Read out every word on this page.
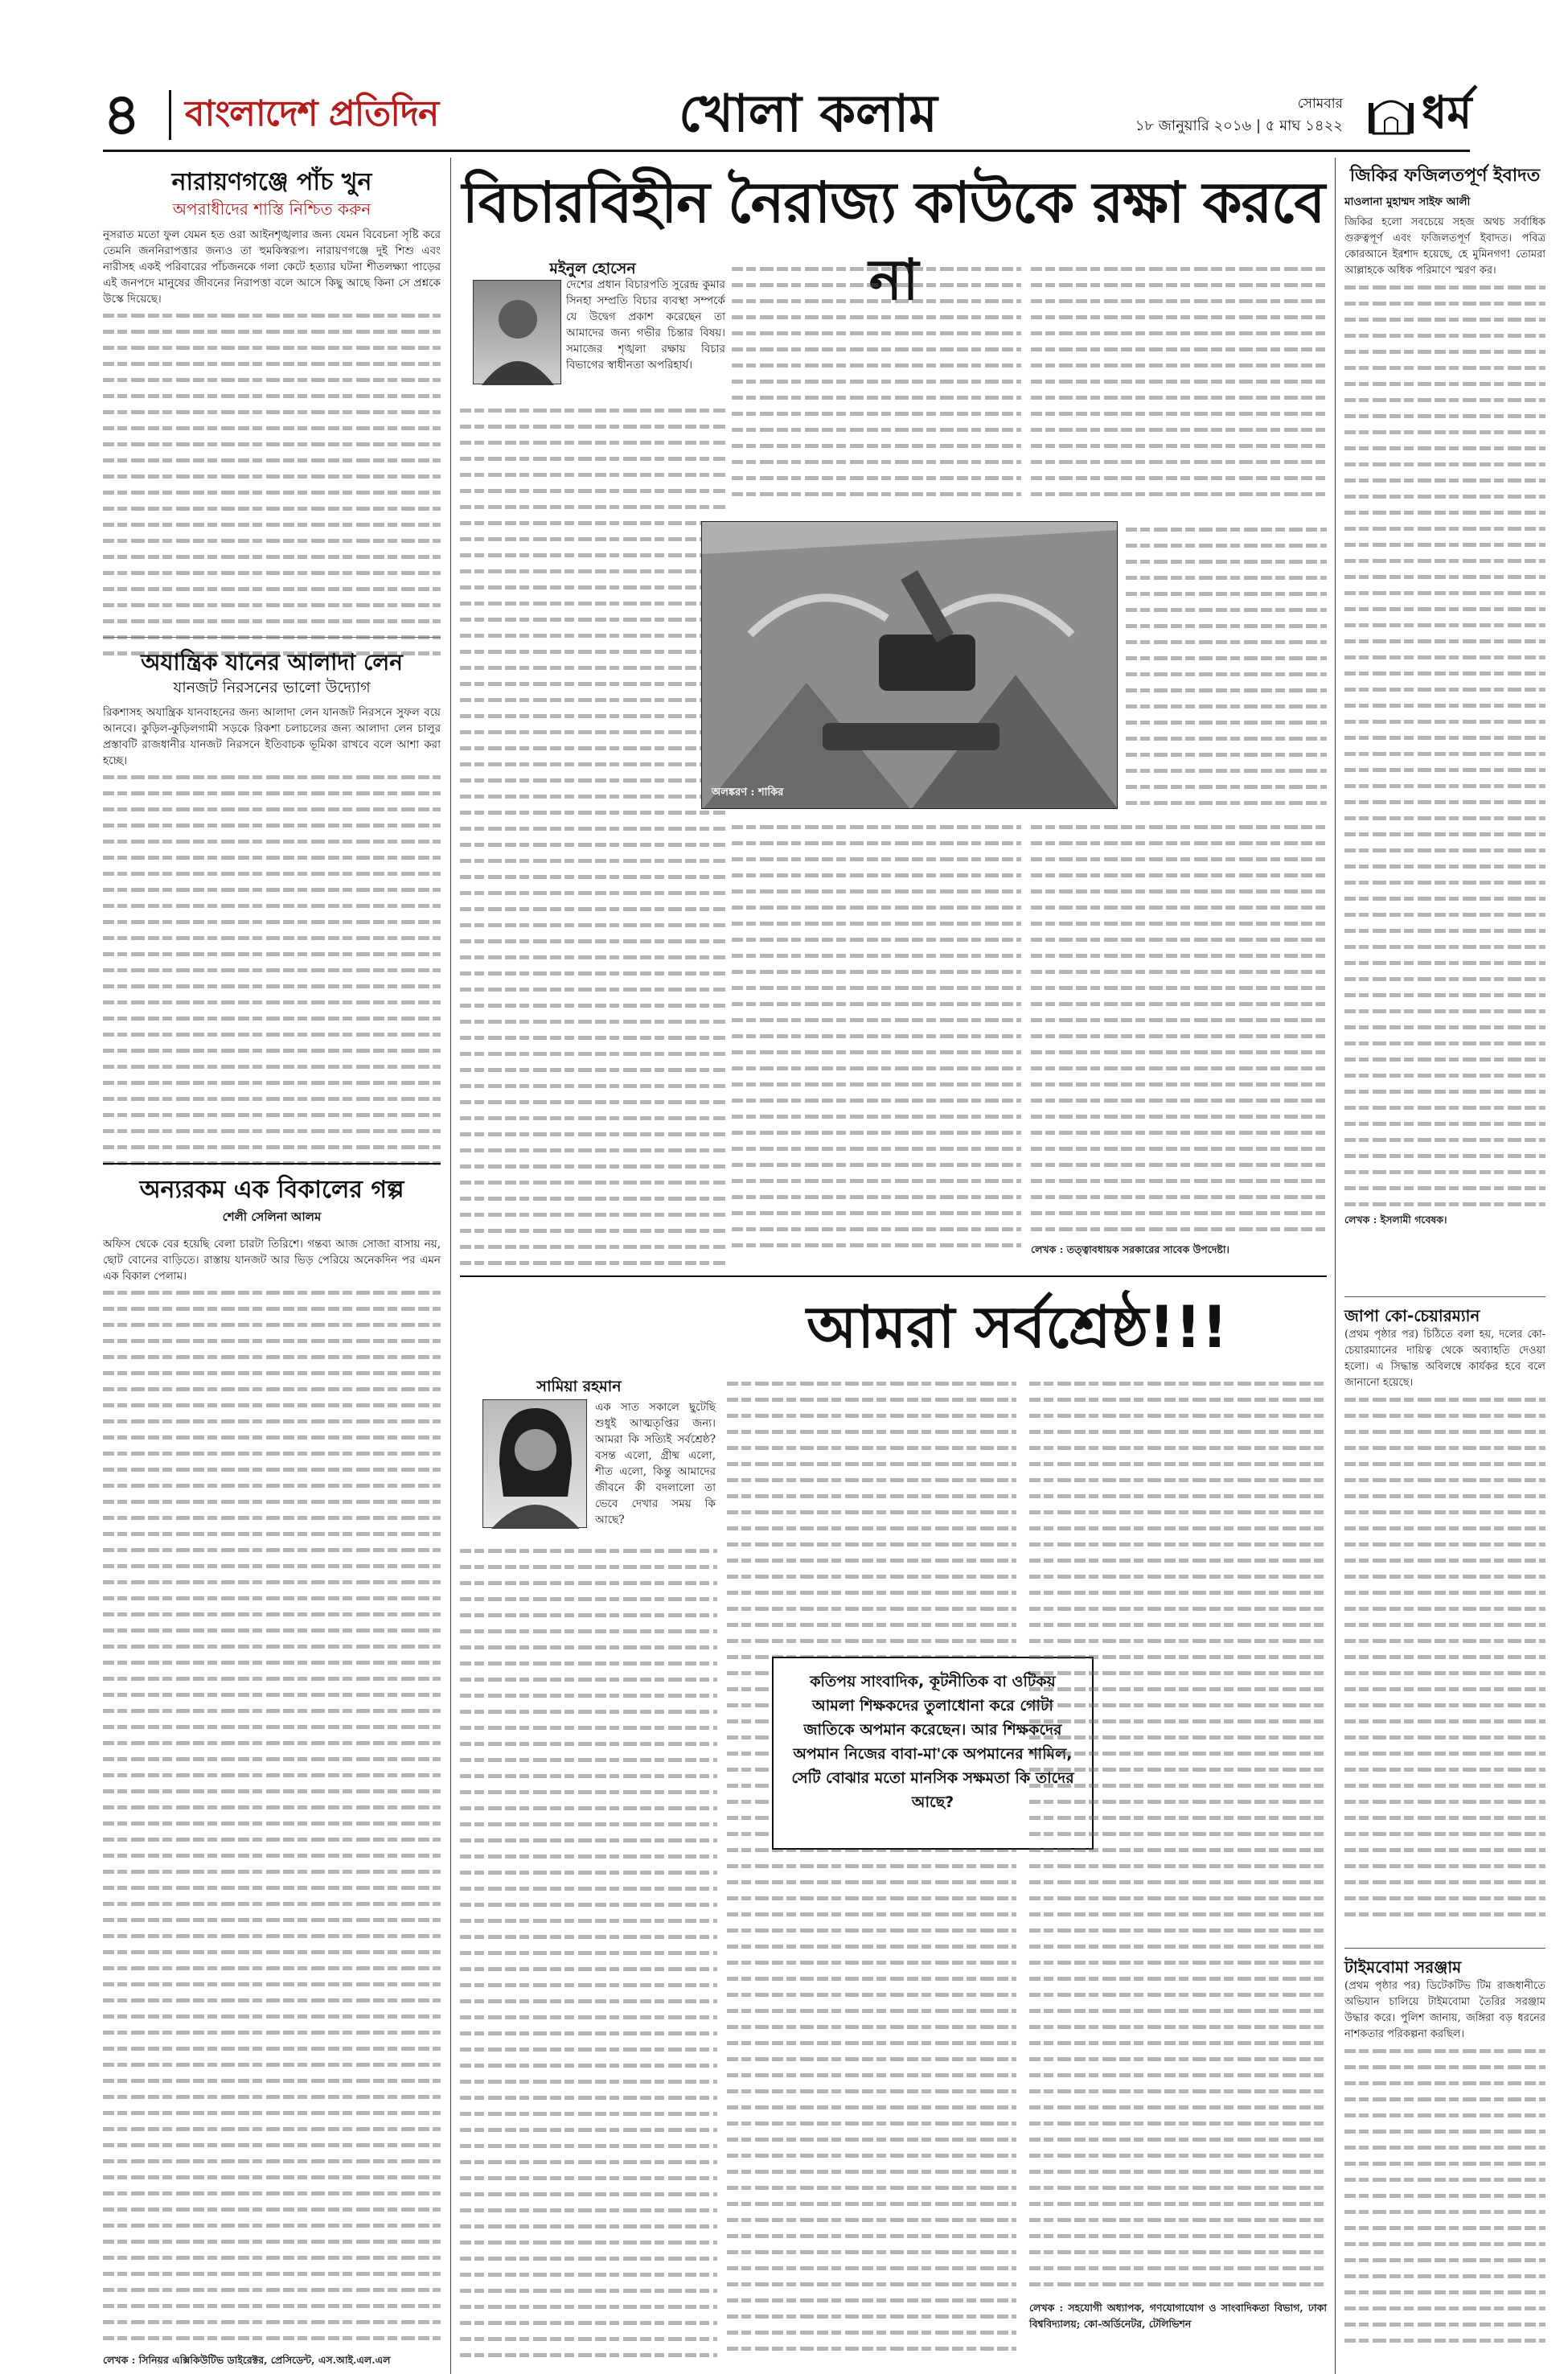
৪ বাংলাদেশ প্রতিদিন	খোলা কলাম	সোমবার
১৮ জানুয়ারি ২০১৬ | ৫ মাঘ ১৪২২ ধর্ম
নারায়ণগঞ্জে পাঁচ খুন
অপরাধীদের শাস্তি নিশ্চিত করুন
নুসরাত মতো ফুল যেমন হত ওরা আইনশৃঙ্খলার জন্য যেমন বিবেচনা সৃষ্টি করে তেমনি জননিরাপত্তার জন্যও তা হুমকিস্বরূপ। নারায়ণগঞ্জে দুই শিশু এবং নারীসহ একই পরিবারের পাঁচজনকে গলা কেটে হত্যার ঘটনা শীতলক্ষ্যা পাড়ের এই জনপদে মানুষের জীবনের নিরাপত্তা বলে আসে কিছু আছে কিনা সে প্রশ্নকে উস্কে দিয়েছে।
অযান্ত্রিক যানের আলাদা লেন
যানজট নিরসনের ভালো উদ্যোগ
রিকশাসহ অযান্ত্রিক যানবাহনের জন্য আলাদা লেন যানজট নিরসনে সুফল বয়ে আনবে। কুড়িল-কুড়িলগামী সড়কে রিকশা চলাচলের জন্য আলাদা লেন চালুর প্রস্তাবটি রাজধানীর যানজট নিরসনে ইতিবাচক ভূমিকা রাখবে বলে আশা করা হচ্ছে।
অন্যরকম এক বিকালের গল্প
শেলী সেলিনা আলম
অফিস থেকে বের হয়েছি বেলা চারটা তিরিশে। গন্তব্য আজ সোজা বাসায় নয়, ছোট বোনের বাড়িতে। রাস্তায় যানজট আর ভিড় পেরিয়ে অনেকদিন পর এমন এক বিকাল পেলাম।
লেখক : সিনিয়র এক্সিকিউটিভ ডাইরেক্টর, প্রেসিডেন্ট, এস.আই.এল.এল
বিচারবিহীন নৈরাজ্য কাউকে রক্ষা করবে না
মইনুল হোসেন
দেশের প্রধান বিচারপতি সুরেন্দ্র কুমার সিনহা সম্প্রতি বিচার ব্যবস্থা সম্পর্কে যে উদ্বেগ প্রকাশ করেছেন তা আমাদের জন্য গভীর চিন্তার বিষয়। সমাজের শৃঙ্খলা রক্ষায় বিচার বিভাগের স্বাধীনতা অপরিহার্য।
অলঙ্করণ : শাকির
লেখক : তত্ত্বাবধায়ক সরকারের সাবেক উপদেষ্টা।
আমরা সর্বশ্রেষ্ঠ!!!
সামিয়া রহমান
এক সাত সকালে ছুটেছি শুধুই আত্মতৃপ্তির জন্য। আমরা কি সত্যিই সর্বশ্রেষ্ঠ? বসন্ত এলো, গ্রীষ্ম এলো, শীত এলো, কিন্তু আমাদের জীবনে কী বদলালো তা ভেবে দেখার সময় কি আছে?
কতিপয় সাংবাদিক, কূটনীতিক বা ওটিকয় আমলা শিক্ষকদের তুলাধোনা করে গোটা জাতিকে অপমান করেছেন। আর শিক্ষকদের অপমান নিজের বাবা-মা'কে অপমানের শামিল, সেটি বোঝার মতো মানসিক সক্ষমতা কি তাদের আছে?
লেখক : সহযোগী অধ্যাপক, গণযোগাযোগ ও সাংবাদিকতা বিভাগ, ঢাকা বিশ্ববিদ্যালয়; কো-অর্ডিনেটর, টেলিভিশন
জিকির ফজিলতপূর্ণ ইবাদত
মাওলানা মুহাম্মদ সাইফ আলী
জিকির হলো সবচেয়ে সহজ অথচ সর্বাধিক গুরুত্বপূর্ণ এবং ফজিলতপূর্ণ ইবাদত। পবিত্র কোরআনে ইরশাদ হয়েছে, হে মুমিনগণ! তোমরা আল্লাহকে অধিক পরিমাণে স্মরণ কর।
লেখক : ইসলামী গবেষক।
জাপা কো-চেয়ারম্যান
(প্রথম পৃষ্ঠার পর) চিঠিতে বলা হয়, দলের কো-চেয়ারম্যানের দায়িত্ব থেকে অব্যাহতি দেওয়া হলো। এ সিদ্ধান্ত অবিলম্বে কার্যকর হবে বলে জানানো হয়েছে।
টাইমবোমা সরঞ্জাম
(প্রথম পৃষ্ঠার পর) ডিটেকটিভ টিম রাজধানীতে অভিযান চালিয়ে টাইমবোমা তৈরির সরঞ্জাম উদ্ধার করে। পুলিশ জানায়, জঙ্গিরা বড় ধরনের নাশকতার পরিকল্পনা করছিল।
